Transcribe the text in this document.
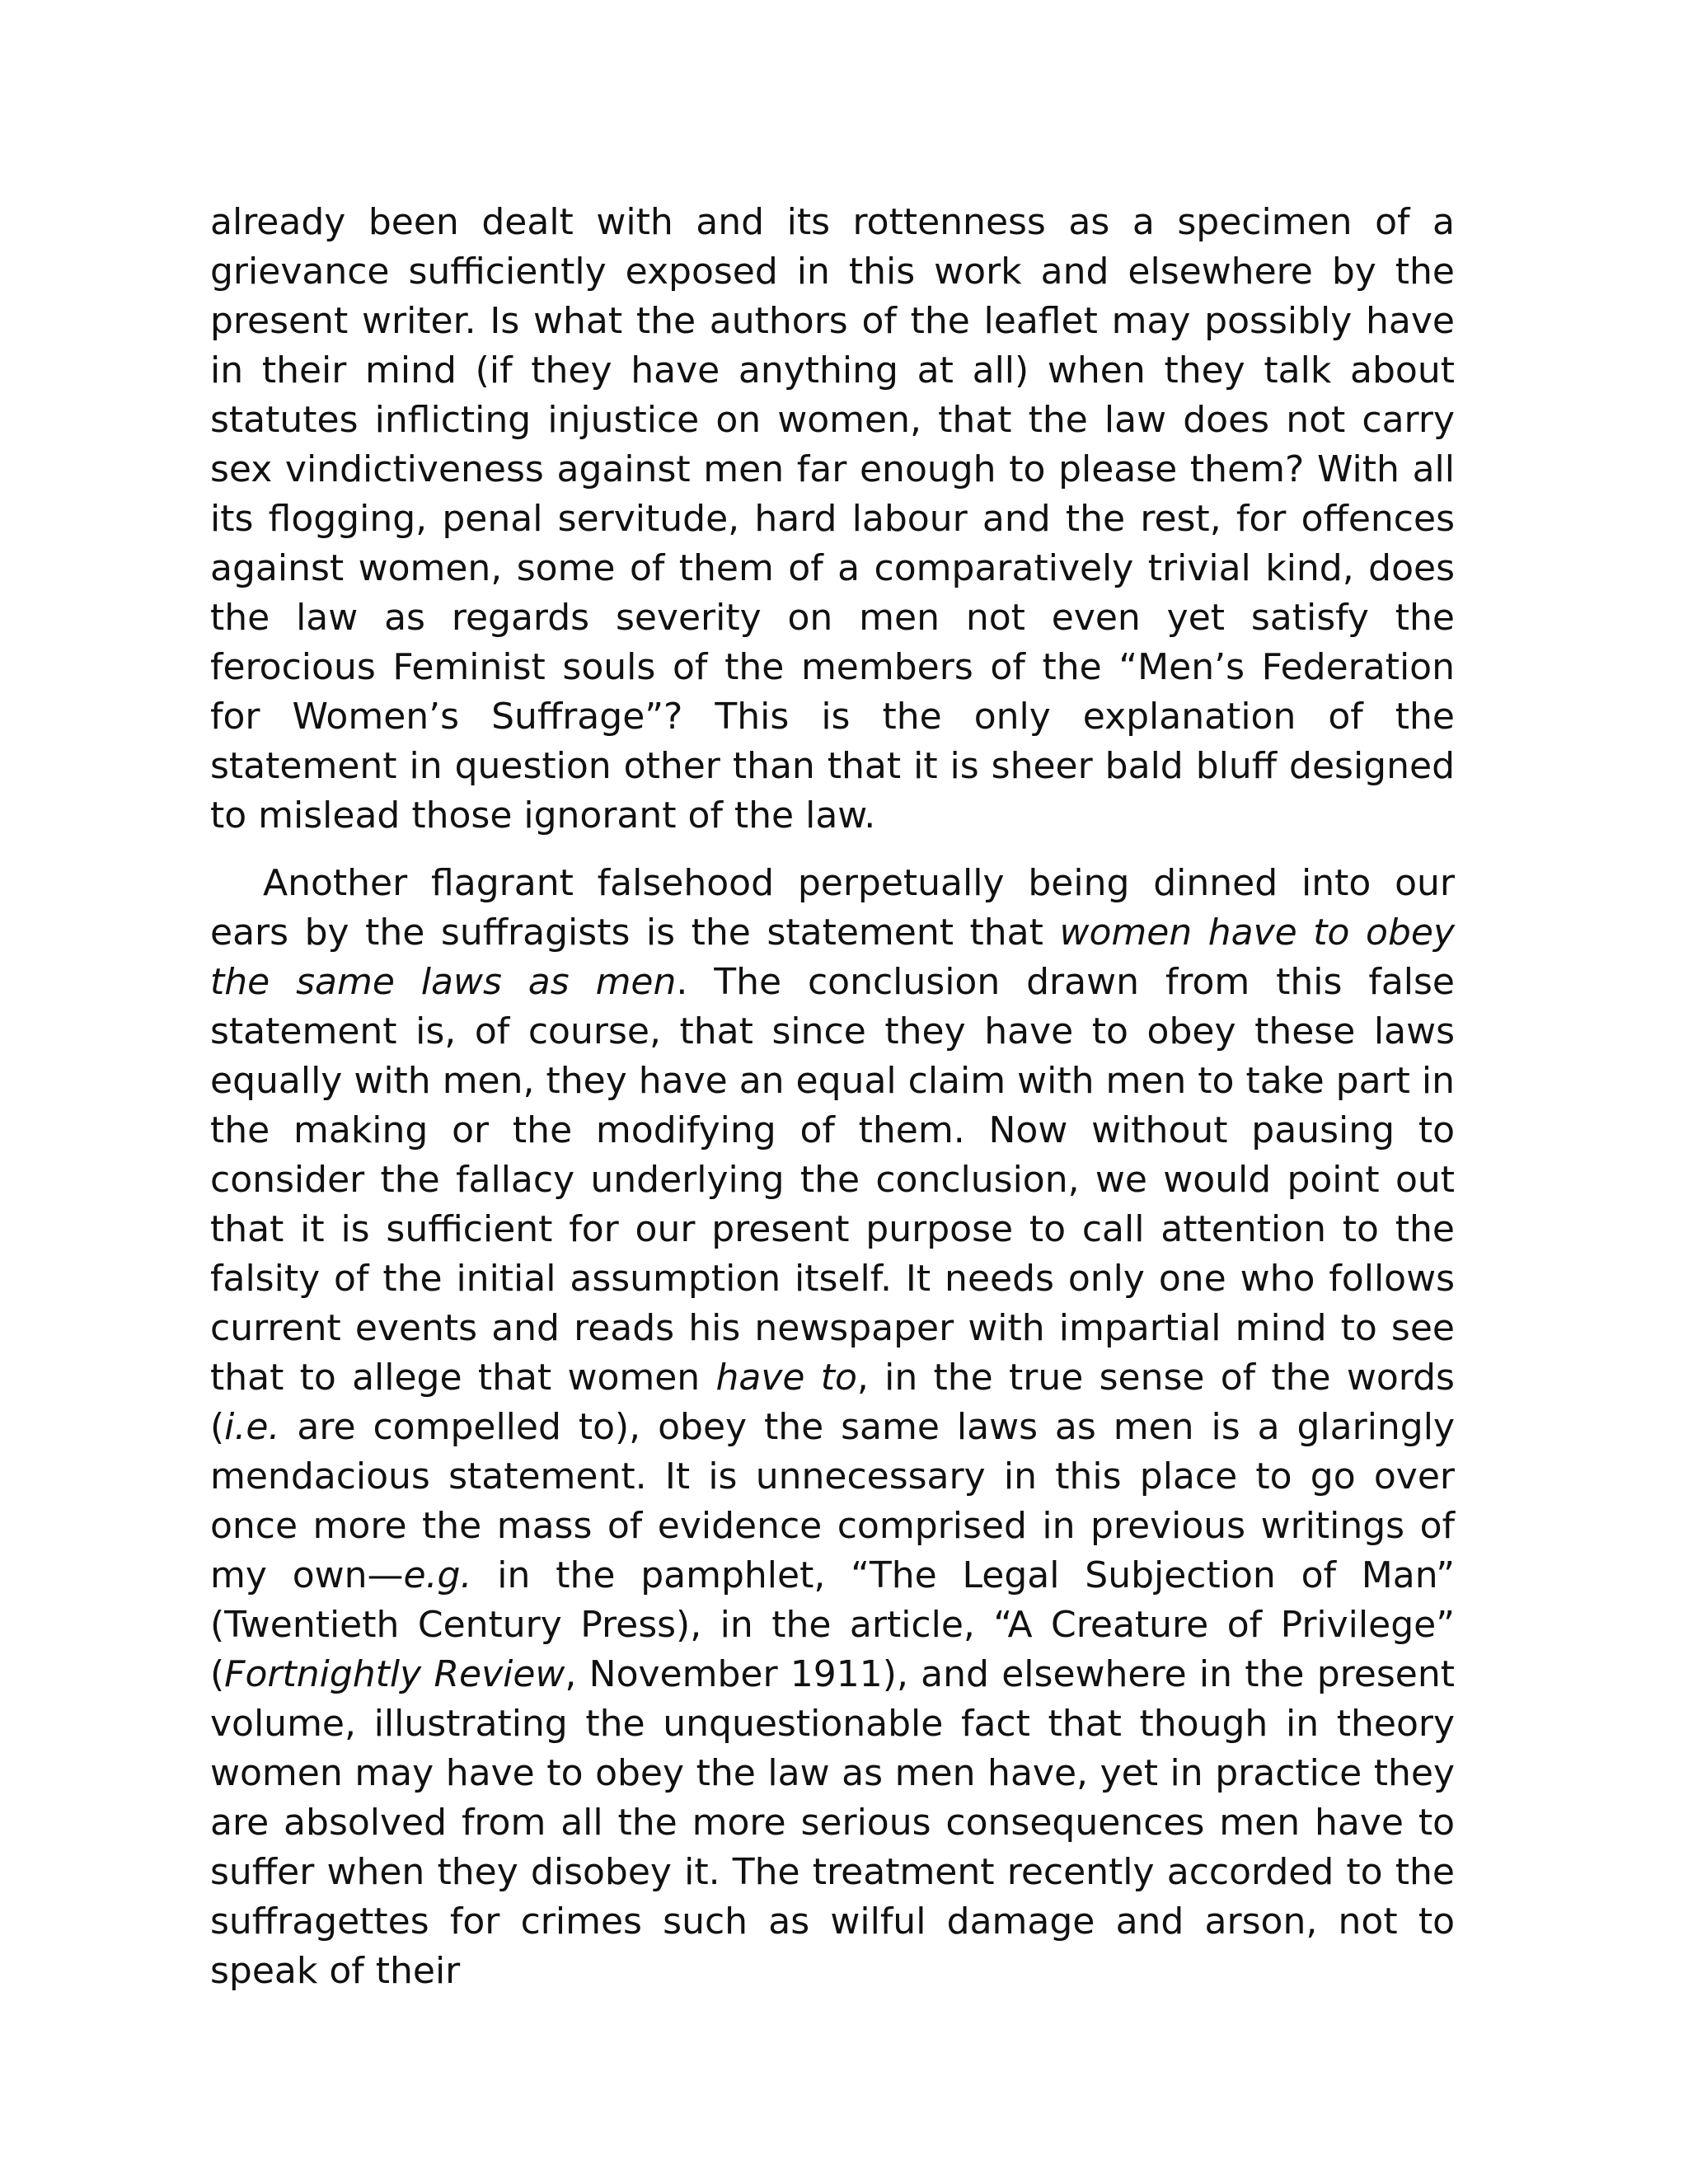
already been dealt with and its rottenness as a specimen of a grievance sufficiently exposed in this work and elsewhere by the present writer. Is what the authors of the leaflet may possibly have in their mind (if they have anything at all) when they talk about statutes inflicting injustice on women, that the law does not carry sex vindictiveness against men far enough to please them? With all its flogging, penal servitude, hard labour and the rest, for offences against women, some of them of a comparatively trivial kind, does the law as regards severity on men not even yet satisfy the ferocious Feminist souls of the members of the “Men’s Federation for Women’s Suffrage”? This is the only explanation of the statement in question other than that it is sheer bald bluff designed to mislead those ignorant of the law.

Another flagrant falsehood perpetually being dinned into our ears by the suffragists is the statement that women have to obey the same laws as men. The conclusion drawn from this false statement is, of course, that since they have to obey these laws equally with men, they have an equal claim with men to take part in the making or the modifying of them. Now without pausing to consider the fallacy underlying the conclusion, we would point out that it is sufficient for our present purpose to call attention to the falsity of the initial assumption itself. It needs only one who follows current events and reads his newspaper with impartial mind to see that to allege that women have to, in the true sense of the words (i.e. are compelled to), obey the same laws as men is a glaringly mendacious statement. It is unnecessary in this place to go over once more the mass of evidence comprised in previous writings of my own—e.g. in the pamphlet, “The Legal Subjection of Man” (Twentieth Century Press), in the article, “A Creature of Privilege” (Fortnightly Review, November 1911), and elsewhere in the present volume, illustrating the unquestionable fact that though in theory women may have to obey the law as men have, yet in practice they are absolved from all the more serious consequences men have to suffer when they disobey it. The treatment recently accorded to the suffragettes for crimes such as wilful damage and arson, not to speak of their
